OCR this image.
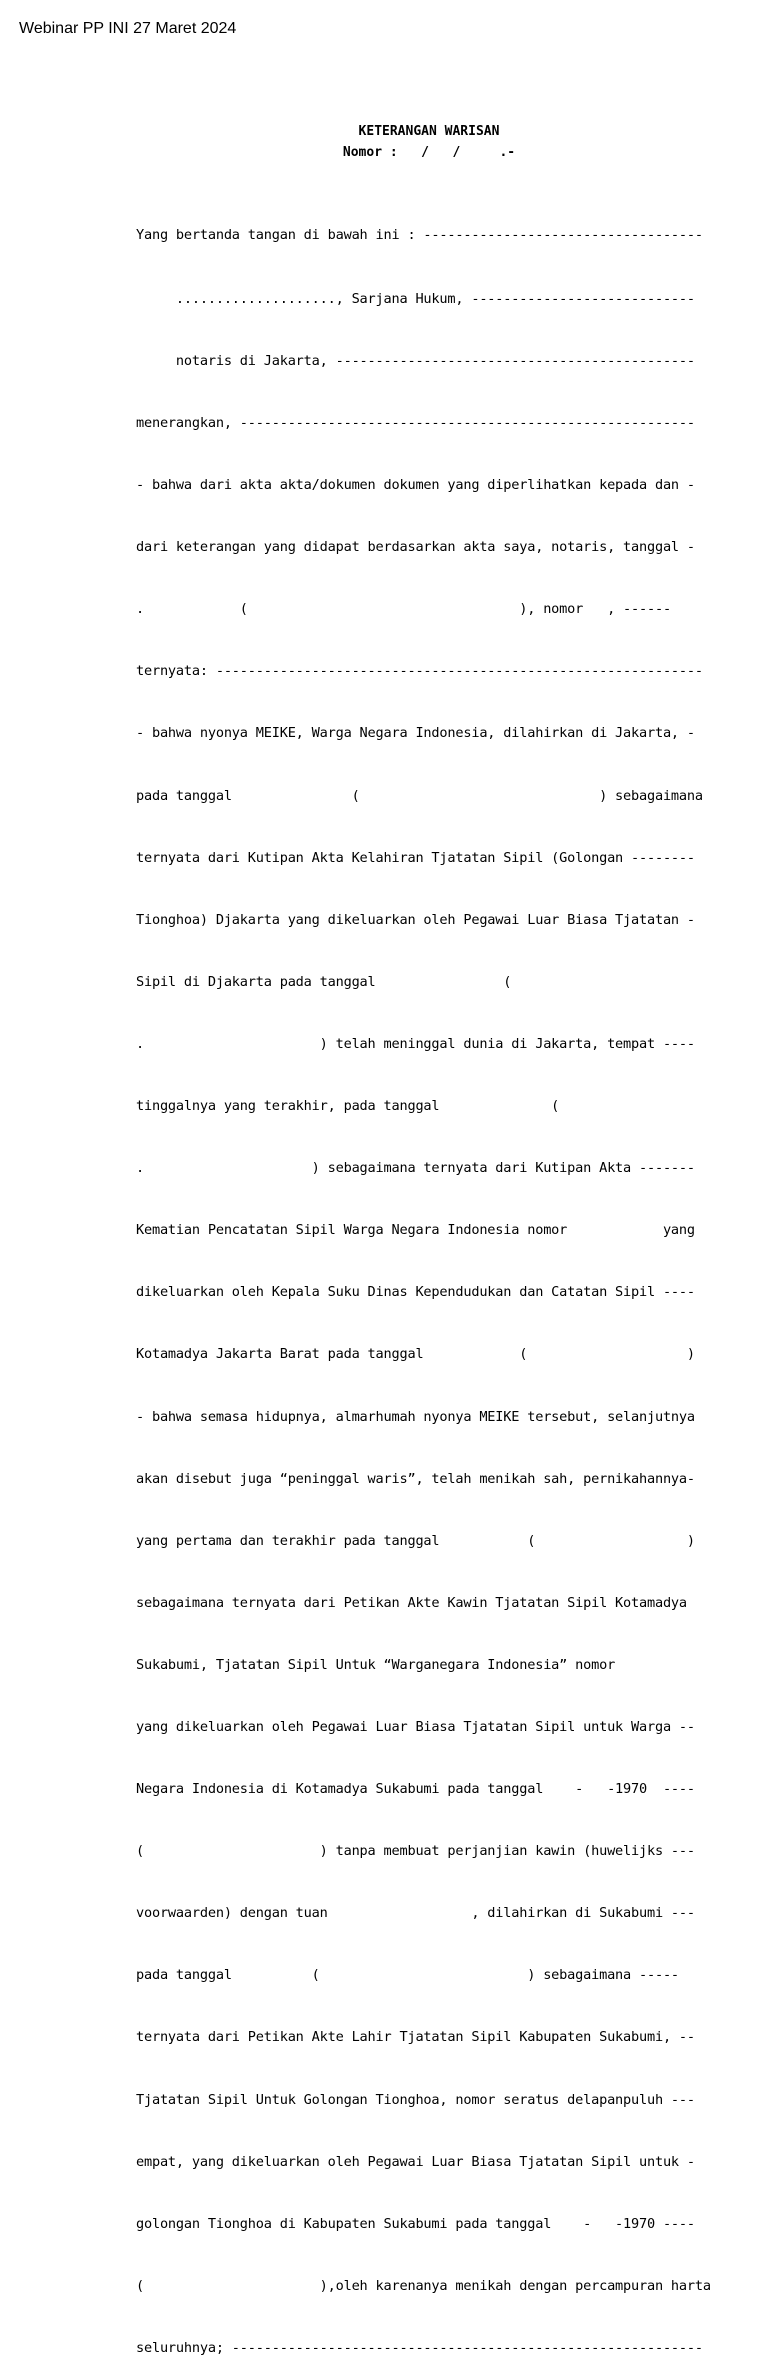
Webinar PP INI 27 Maret 2024
KETERANGAN WARISAN
Nomor :   /   /     .-

Yang bertanda tangan di bawah ini : -----------------------------------

...................., Sarjana Hukum, ----------------------------

notaris di Jakarta, ---------------------------------------------

menerangkan, ---------------------------------------------------------

- bahwa dari akta akta/dokumen dokumen yang diperlihatkan kepada dan -

dari keterangan yang didapat berdasarkan akta saya, notaris, tanggal -

.            (                                  ), nomor   , ------

ternyata: -------------------------------------------------------------

- bahwa nyonya MEIKE, Warga Negara Indonesia, dilahirkan di Jakarta, -

pada tanggal               (                              ) sebagaimana

ternyata dari Kutipan Akta Kelahiran Tjatatan Sipil (Golongan --------

Tionghoa) Djakarta yang dikeluarkan oleh Pegawai Luar Biasa Tjatatan -

Sipil di Djakarta pada tanggal                (

.                      ) telah meninggal dunia di Jakarta, tempat ----

tinggalnya yang terakhir, pada tanggal              (

.                     ) sebagaimana ternyata dari Kutipan Akta -------

Kematian Pencatatan Sipil Warga Negara Indonesia nomor            yang

dikeluarkan oleh Kepala Suku Dinas Kependudukan dan Catatan Sipil ----

Kotamadya Jakarta Barat pada tanggal            (                    )

- bahwa semasa hidupnya, almarhumah nyonya MEIKE tersebut, selanjutnya

akan disebut juga “peninggal waris”, telah menikah sah, pernikahannya-

yang pertama dan terakhir pada tanggal           (                   )

sebagaimana ternyata dari Petikan Akte Kawin Tjatatan Sipil Kotamadya

Sukabumi, Tjatatan Sipil Untuk “Warganegara Indonesia” nomor

yang dikeluarkan oleh Pegawai Luar Biasa Tjatatan Sipil untuk Warga --

Negara Indonesia di Kotamadya Sukabumi pada tanggal    -   -1970  ----

(                      ) tanpa membuat perjanjian kawin (huwelijks ---

voorwaarden) dengan tuan                  , dilahirkan di Sukabumi ---

pada tanggal          (                          ) sebagaimana -----

ternyata dari Petikan Akte Lahir Tjatatan Sipil Kabupaten Sukabumi, --

Tjatatan Sipil Untuk Golongan Tionghoa, nomor seratus delapanpuluh ---

empat, yang dikeluarkan oleh Pegawai Luar Biasa Tjatatan Sipil untuk -

golongan Tionghoa di Kabupaten Sukabumi pada tanggal    -   -1970 ----

(                      ),oleh karenanya menikah dengan percampuran harta

seluruhnya; -----------------------------------------------------------
